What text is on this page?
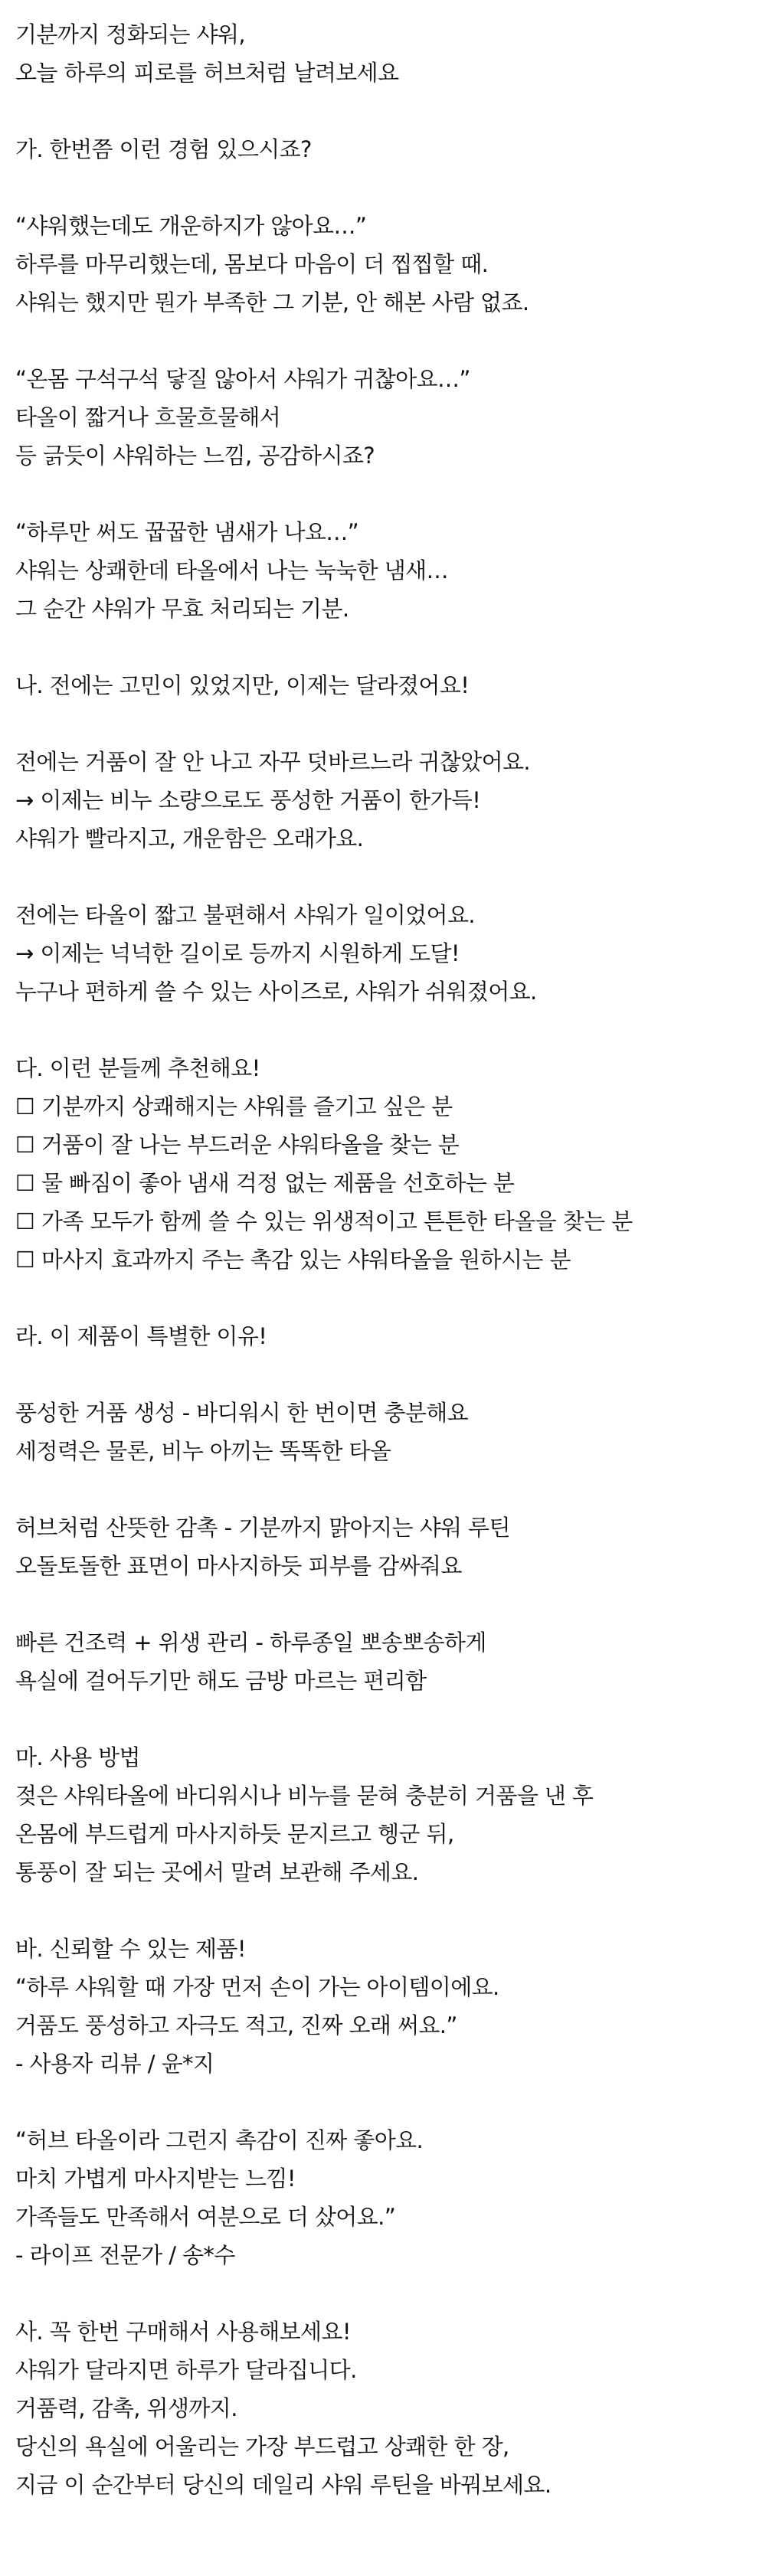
기분까지 정화되는 샤워,
오늘 하루의 피로를 허브처럼 날려보세요
가. 한번쯤 이런 경험 있으시죠?
“샤워했는데도 개운하지가 않아요…”
하루를 마무리했는데, 몸보다 마음이 더 찝찝할 때.
샤워는 했지만 뭔가 부족한 그 기분, 안 해본 사람 없죠.
“온몸 구석구석 닿질 않아서 샤워가 귀찮아요…”
타올이 짧거나 흐물흐물해서
등 긁듯이 샤워하는 느낌, 공감하시죠?
“하루만 써도 꿉꿉한 냄새가 나요…”
샤워는 상쾌한데 타올에서 나는 눅눅한 냄새…
그 순간 샤워가 무효 처리되는 기분.
나. 전에는 고민이 있었지만, 이제는 달라졌어요!
전에는 거품이 잘 안 나고 자꾸 덧바르느라 귀찮았어요.
→ 이제는 비누 소량으로도 풍성한 거품이 한가득!
샤워가 빨라지고, 개운함은 오래가요.
전에는 타올이 짧고 불편해서 샤워가 일이었어요.
→ 이제는 넉넉한 길이로 등까지 시원하게 도달!
누구나 편하게 쓸 수 있는 사이즈로, 샤워가 쉬워졌어요.
다. 이런 분들께 추천해요!
☐ 기분까지 상쾌해지는 샤워를 즐기고 싶은 분
☐ 거품이 잘 나는 부드러운 샤워타올을 찾는 분
☐ 물 빠짐이 좋아 냄새 걱정 없는 제품을 선호하는 분
☐ 가족 모두가 함께 쓸 수 있는 위생적이고 튼튼한 타올을 찾는 분
☐ 마사지 효과까지 주는 촉감 있는 샤워타올을 원하시는 분
라. 이 제품이 특별한 이유!
풍성한 거품 생성 - 바디워시 한 번이면 충분해요
세정력은 물론, 비누 아끼는 똑똑한 타올
허브처럼 산뜻한 감촉 - 기분까지 맑아지는 샤워 루틴
오돌토돌한 표면이 마사지하듯 피부를 감싸줘요
빠른 건조력 + 위생 관리 - 하루종일 뽀송뽀송하게
욕실에 걸어두기만 해도 금방 마르는 편리함
마. 사용 방법
젖은 샤워타올에 바디워시나 비누를 묻혀 충분히 거품을 낸 후
온몸에 부드럽게 마사지하듯 문지르고 헹군 뒤,
통풍이 잘 되는 곳에서 말려 보관해 주세요.
바. 신뢰할 수 있는 제품!
“하루 샤워할 때 가장 먼저 손이 가는 아이템이에요.
거품도 풍성하고 자극도 적고, 진짜 오래 써요.”
- 사용자 리뷰 / 윤*지
“허브 타올이라 그런지 촉감이 진짜 좋아요.
마치 가볍게 마사지받는 느낌!
가족들도 만족해서 여분으로 더 샀어요.”
- 라이프 전문가 / 송*수
사. 꼭 한번 구매해서 사용해보세요!
샤워가 달라지면 하루가 달라집니다.
거품력, 감촉, 위생까지.
당신의 욕실에 어울리는 가장 부드럽고 상쾌한 한 장,
지금 이 순간부터 당신의 데일리 샤워 루틴을 바꿔보세요.
